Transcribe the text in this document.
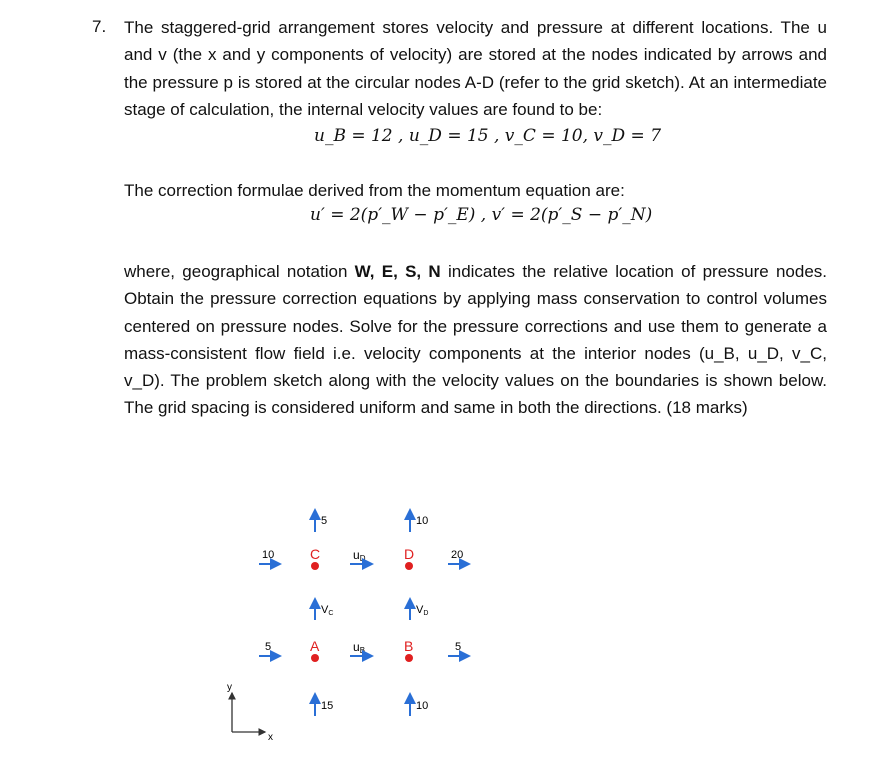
7. The staggered-grid arrangement stores velocity and pressure at different locations. The u and v (the x and y components of velocity) are stored at the nodes indicated by arrows and the pressure p is stored at the circular nodes A-D (refer to the grid sketch). At an intermediate stage of calculation, the internal velocity values are found to be:

u_B = 12 , u_D = 15 , v_C = 10, v_D = 7

The correction formulae derived from the momentum equation are:

u′ = 2(p′_W − p′_E) , v′ = 2(p′_S − p′_N)

where, geographical notation W, E, S, N indicates the relative location of pressure nodes. Obtain the pressure correction equations by applying mass conservation to control volumes centered on pressure nodes. Solve for the pressure corrections and use them to generate a mass-consistent flow field i.e. velocity components at the interior nodes (u_B, u_D, v_C, v_D). The problem sketch along with the velocity values on the boundaries is shown below. The grid spacing is considered uniform and same in both the directions. (18 marks)

5	10
10	C	uD	D	20
VC	VD
5	A	uB	B	5
15	10
y
x
